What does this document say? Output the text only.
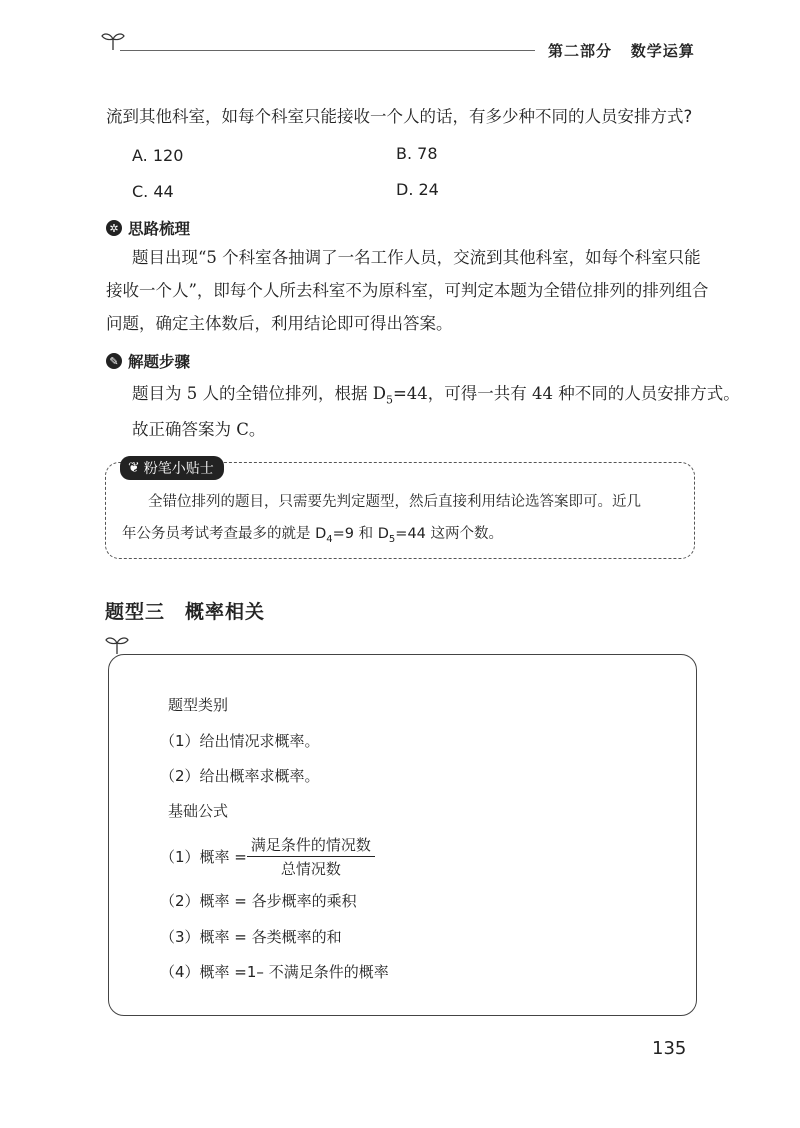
第二部分 数学运算
流到其他科室，如每个科室只能接收一个人的话，有多少种不同的人员安排方式?
A. 120	B. 78
C. 44	D. 24
✲ 思路梳理
题目出现“5 个科室各抽调了一名工作人员，交流到其他科室，如每个科室只能
接收一个人”，即每个人所去科室不为原科室，可判定本题为全错位排列的排列组合
问题，确定主体数后，利用结论即可得出答案。
✎ 解题步骤
题目为 5 人的全错位排列，根据 $D_5=44$，可得一共有 44 种不同的人员安排方式。
故正确答案为 C。
❦ 粉笔小贴士
全错位排列的题目，只需要先判定题型，然后直接利用结论选答案即可。近几
年公务员考试考查最多的就是 $D_4=9$ 和 $D_5=44$ 这两个数。
题型三　概率相关
题型类别
（1）给出情况求概率。
（2）给出概率求概率。
基础公式
（1）概率 = $\frac{\text{满足条件的情况数}}{\text{总情况数}}$
（2）概率 = 各步概率的乘积
（3）概率 = 各类概率的和
（4）概率 =1– 不满足条件的概率
135
